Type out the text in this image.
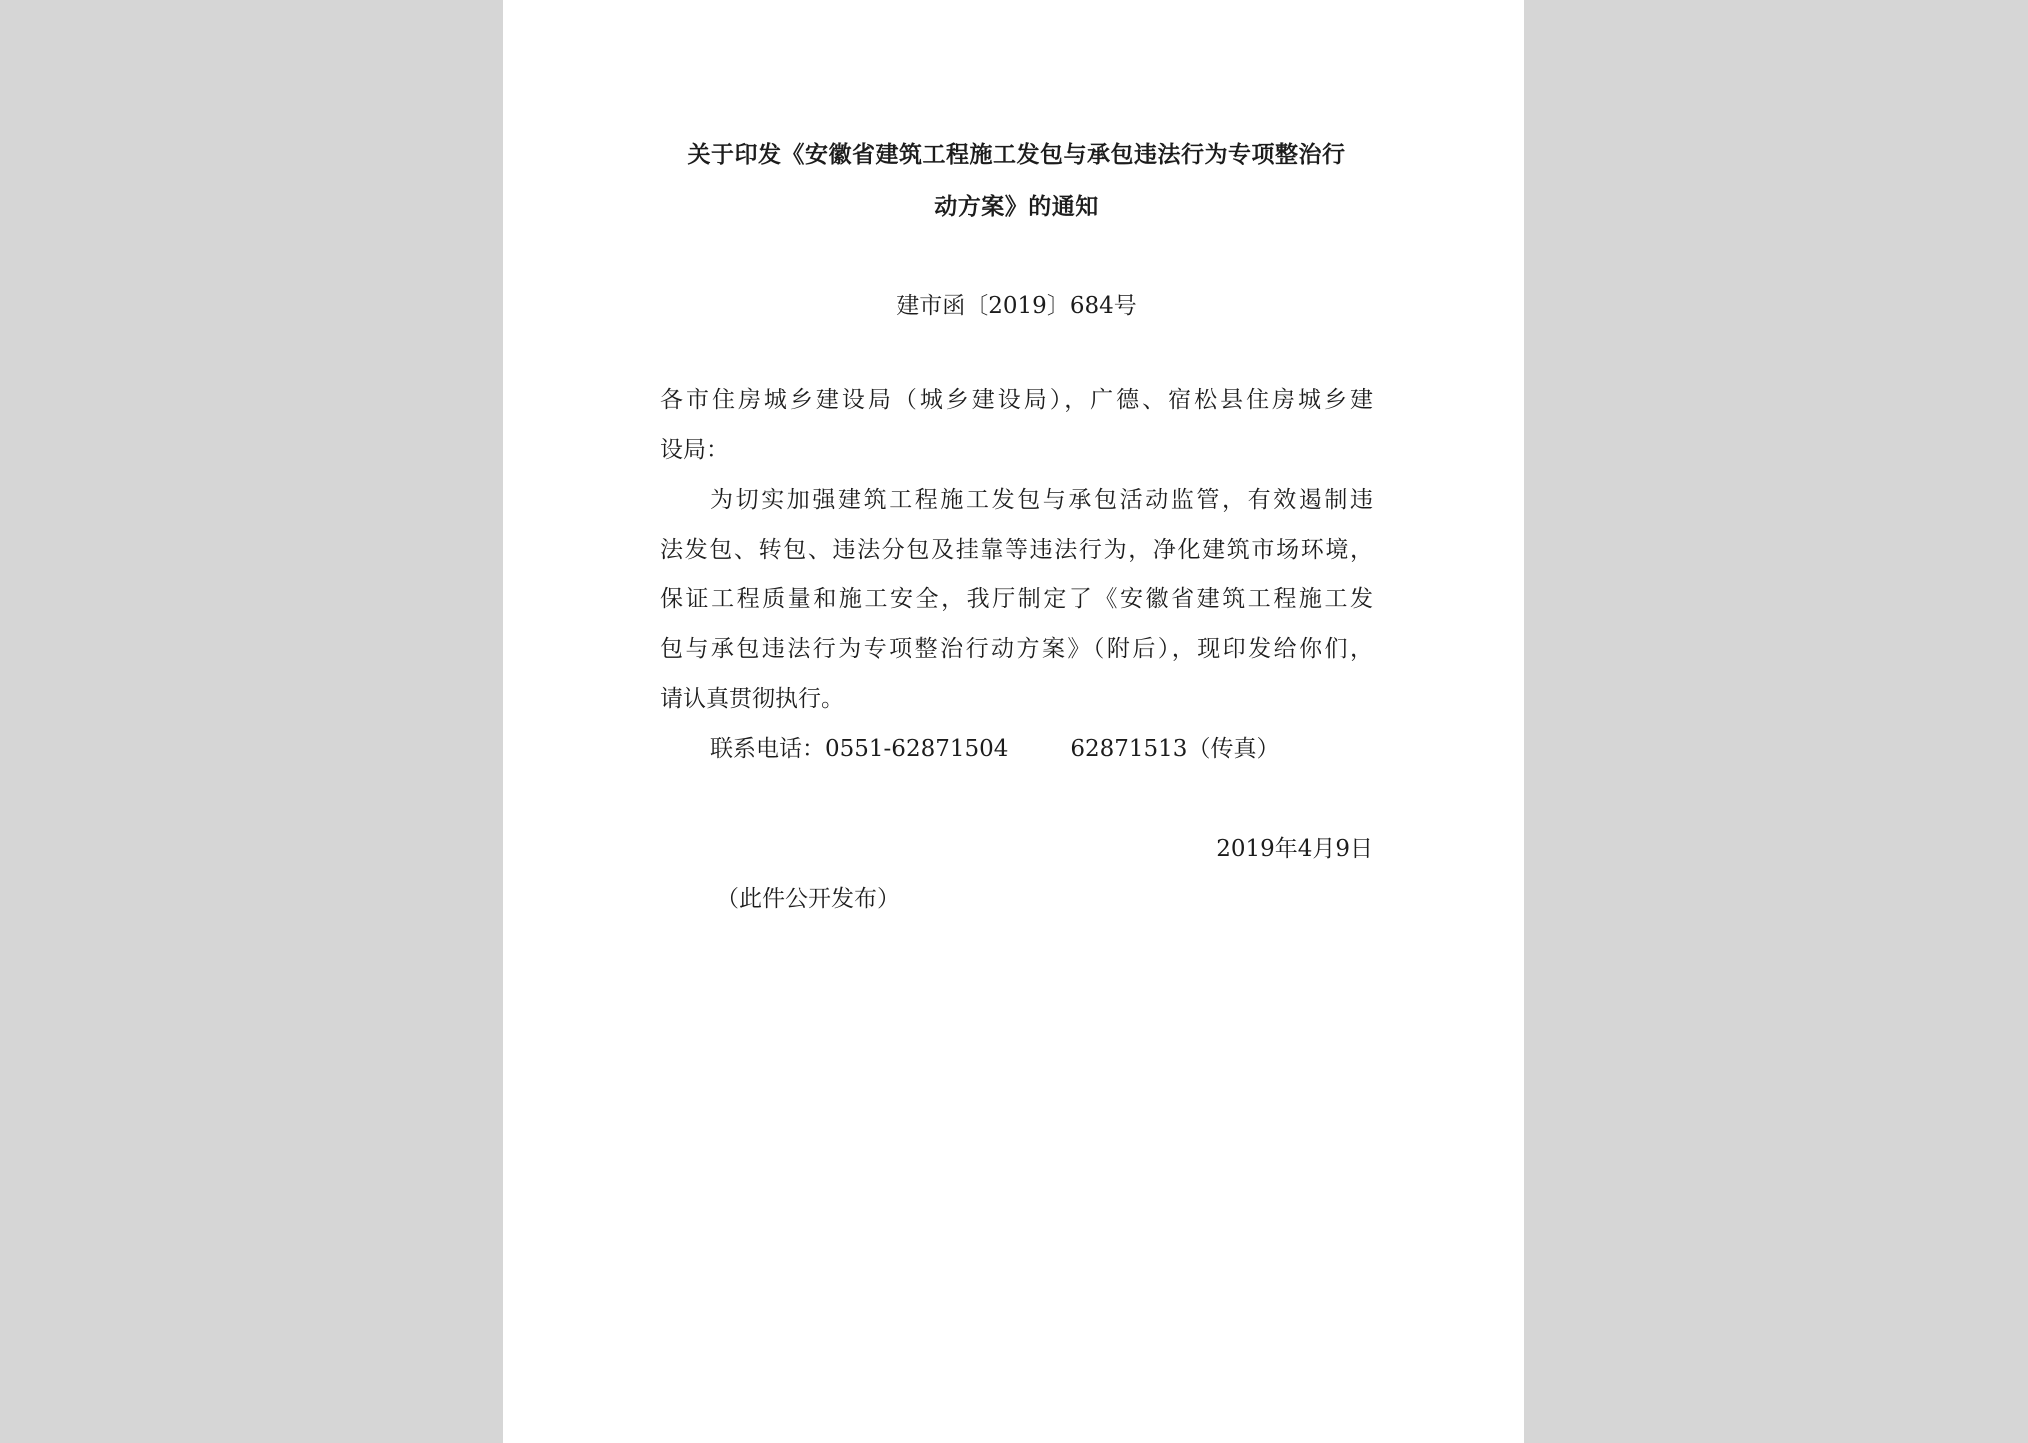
关于印发《安徽省建筑工程施工发包与承包违法行为专项整治行
动方案》的通知
建市函〔2019〕684号
各市住房城乡建设局（城乡建设局），广德、宿松县住房城乡建
设局：
为切实加强建筑工程施工发包与承包活动监管，有效遏制违
法发包、转包、违法分包及挂靠等违法行为，净化建筑市场环境，
保证工程质量和施工安全，我厅制定了《安徽省建筑工程施工发
包与承包违法行为专项整治行动方案》（附后），现印发给你们，
请认真贯彻执行。
联系电话：0551-62871504	62871513（传真）
2019年4月9日
（此件公开发布）
